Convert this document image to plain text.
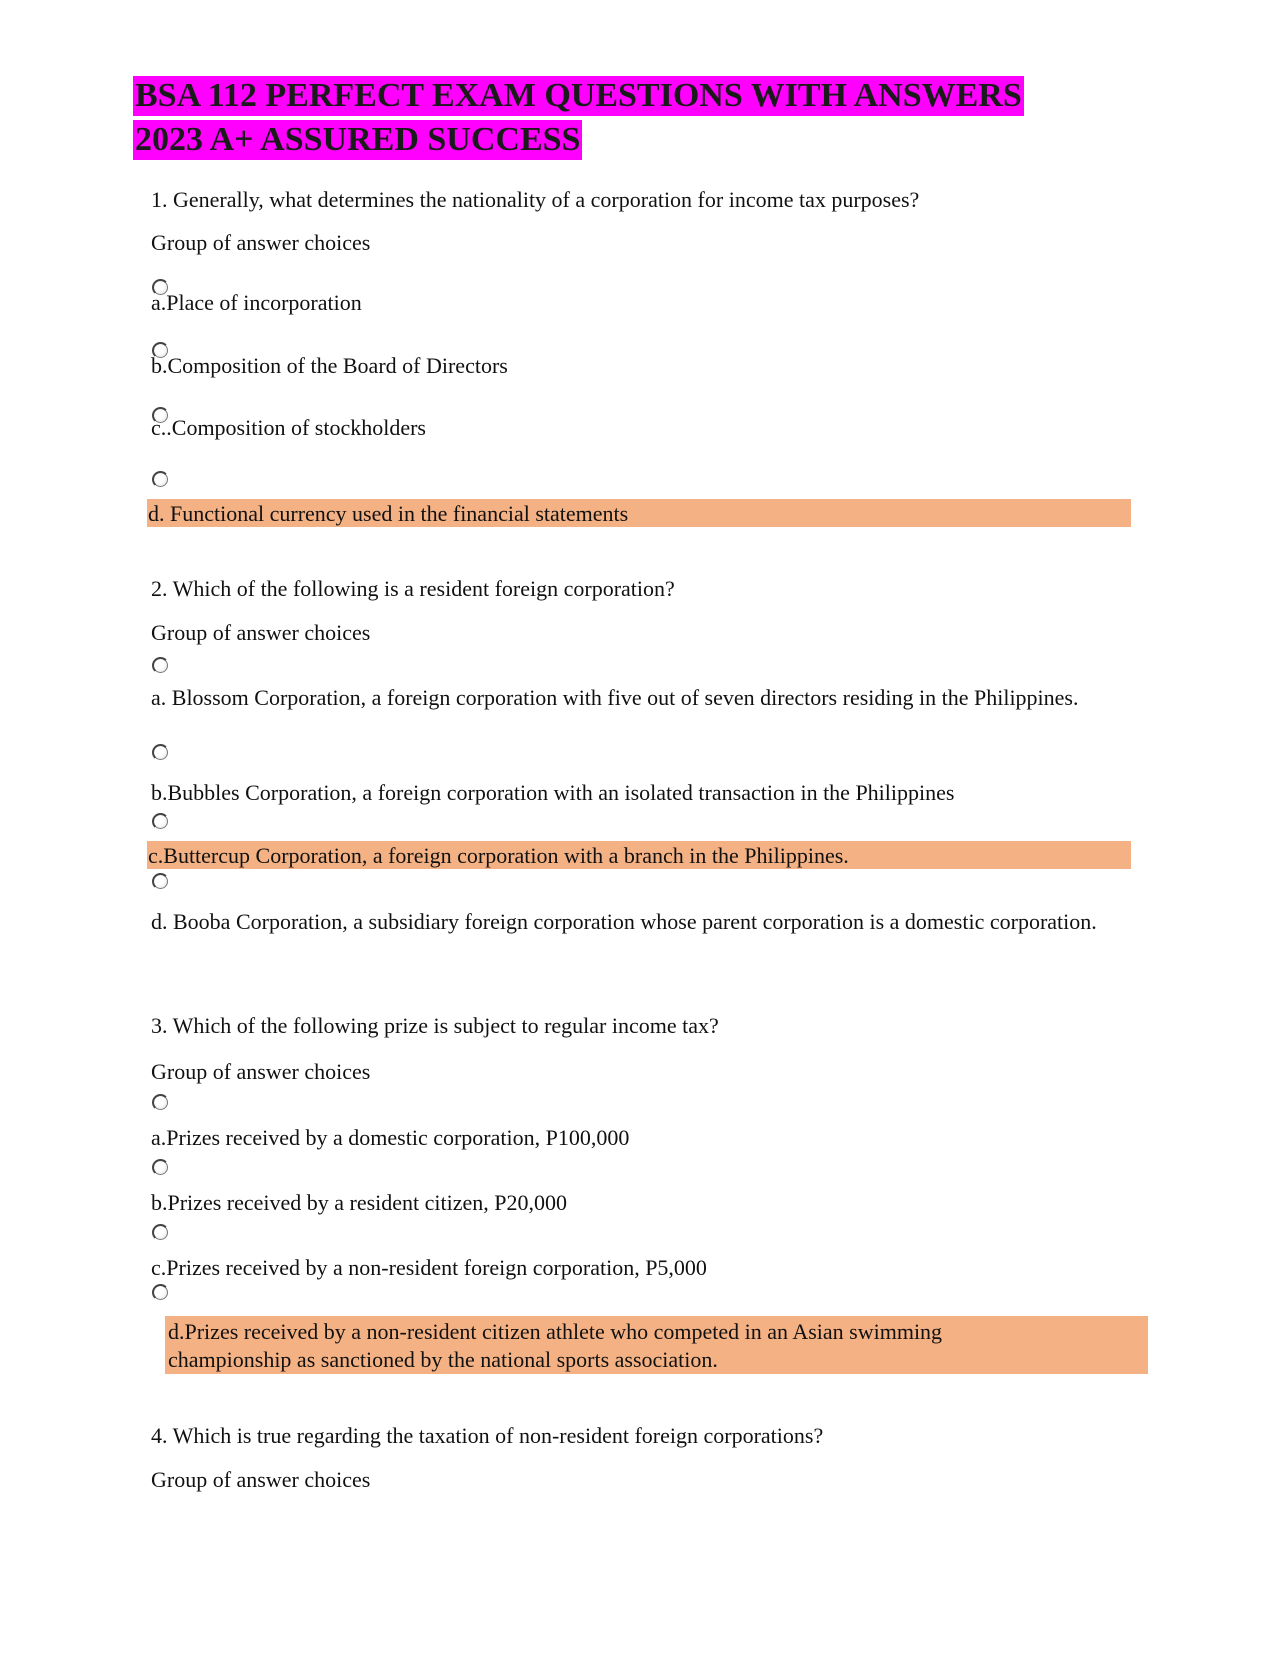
BSA 112 PERFECT EXAM QUESTIONS WITH ANSWERS
2023 A+ ASSURED SUCCESS
1. Generally, what determines the nationality of a corporation for income tax purposes?
Group of answer choices
a.Place of incorporation
b.Composition of the Board of Directors
c..Composition of stockholders
d. Functional currency used in the financial statements
2. Which of the following is a resident foreign corporation?
Group of answer choices
a. Blossom Corporation, a foreign corporation with five out of seven directors residing in the Philippines.
b.Bubbles Corporation, a foreign corporation with an isolated transaction in the Philippines
c.Buttercup Corporation, a foreign corporation with a branch in the Philippines.
d. Booba Corporation, a subsidiary foreign corporation whose parent corporation is a domestic corporation.
3. Which of the following prize is subject to regular income tax?
Group of answer choices
a.Prizes received by a domestic corporation, P100,000
b.Prizes received by a resident citizen, P20,000
c.Prizes received by a non-resident foreign corporation, P5,000
d.Prizes received by a non-resident citizen athlete who competed in an Asian swimming championship as sanctioned by the national sports association.
4. Which is true regarding the taxation of non-resident foreign corporations?
Group of answer choices
